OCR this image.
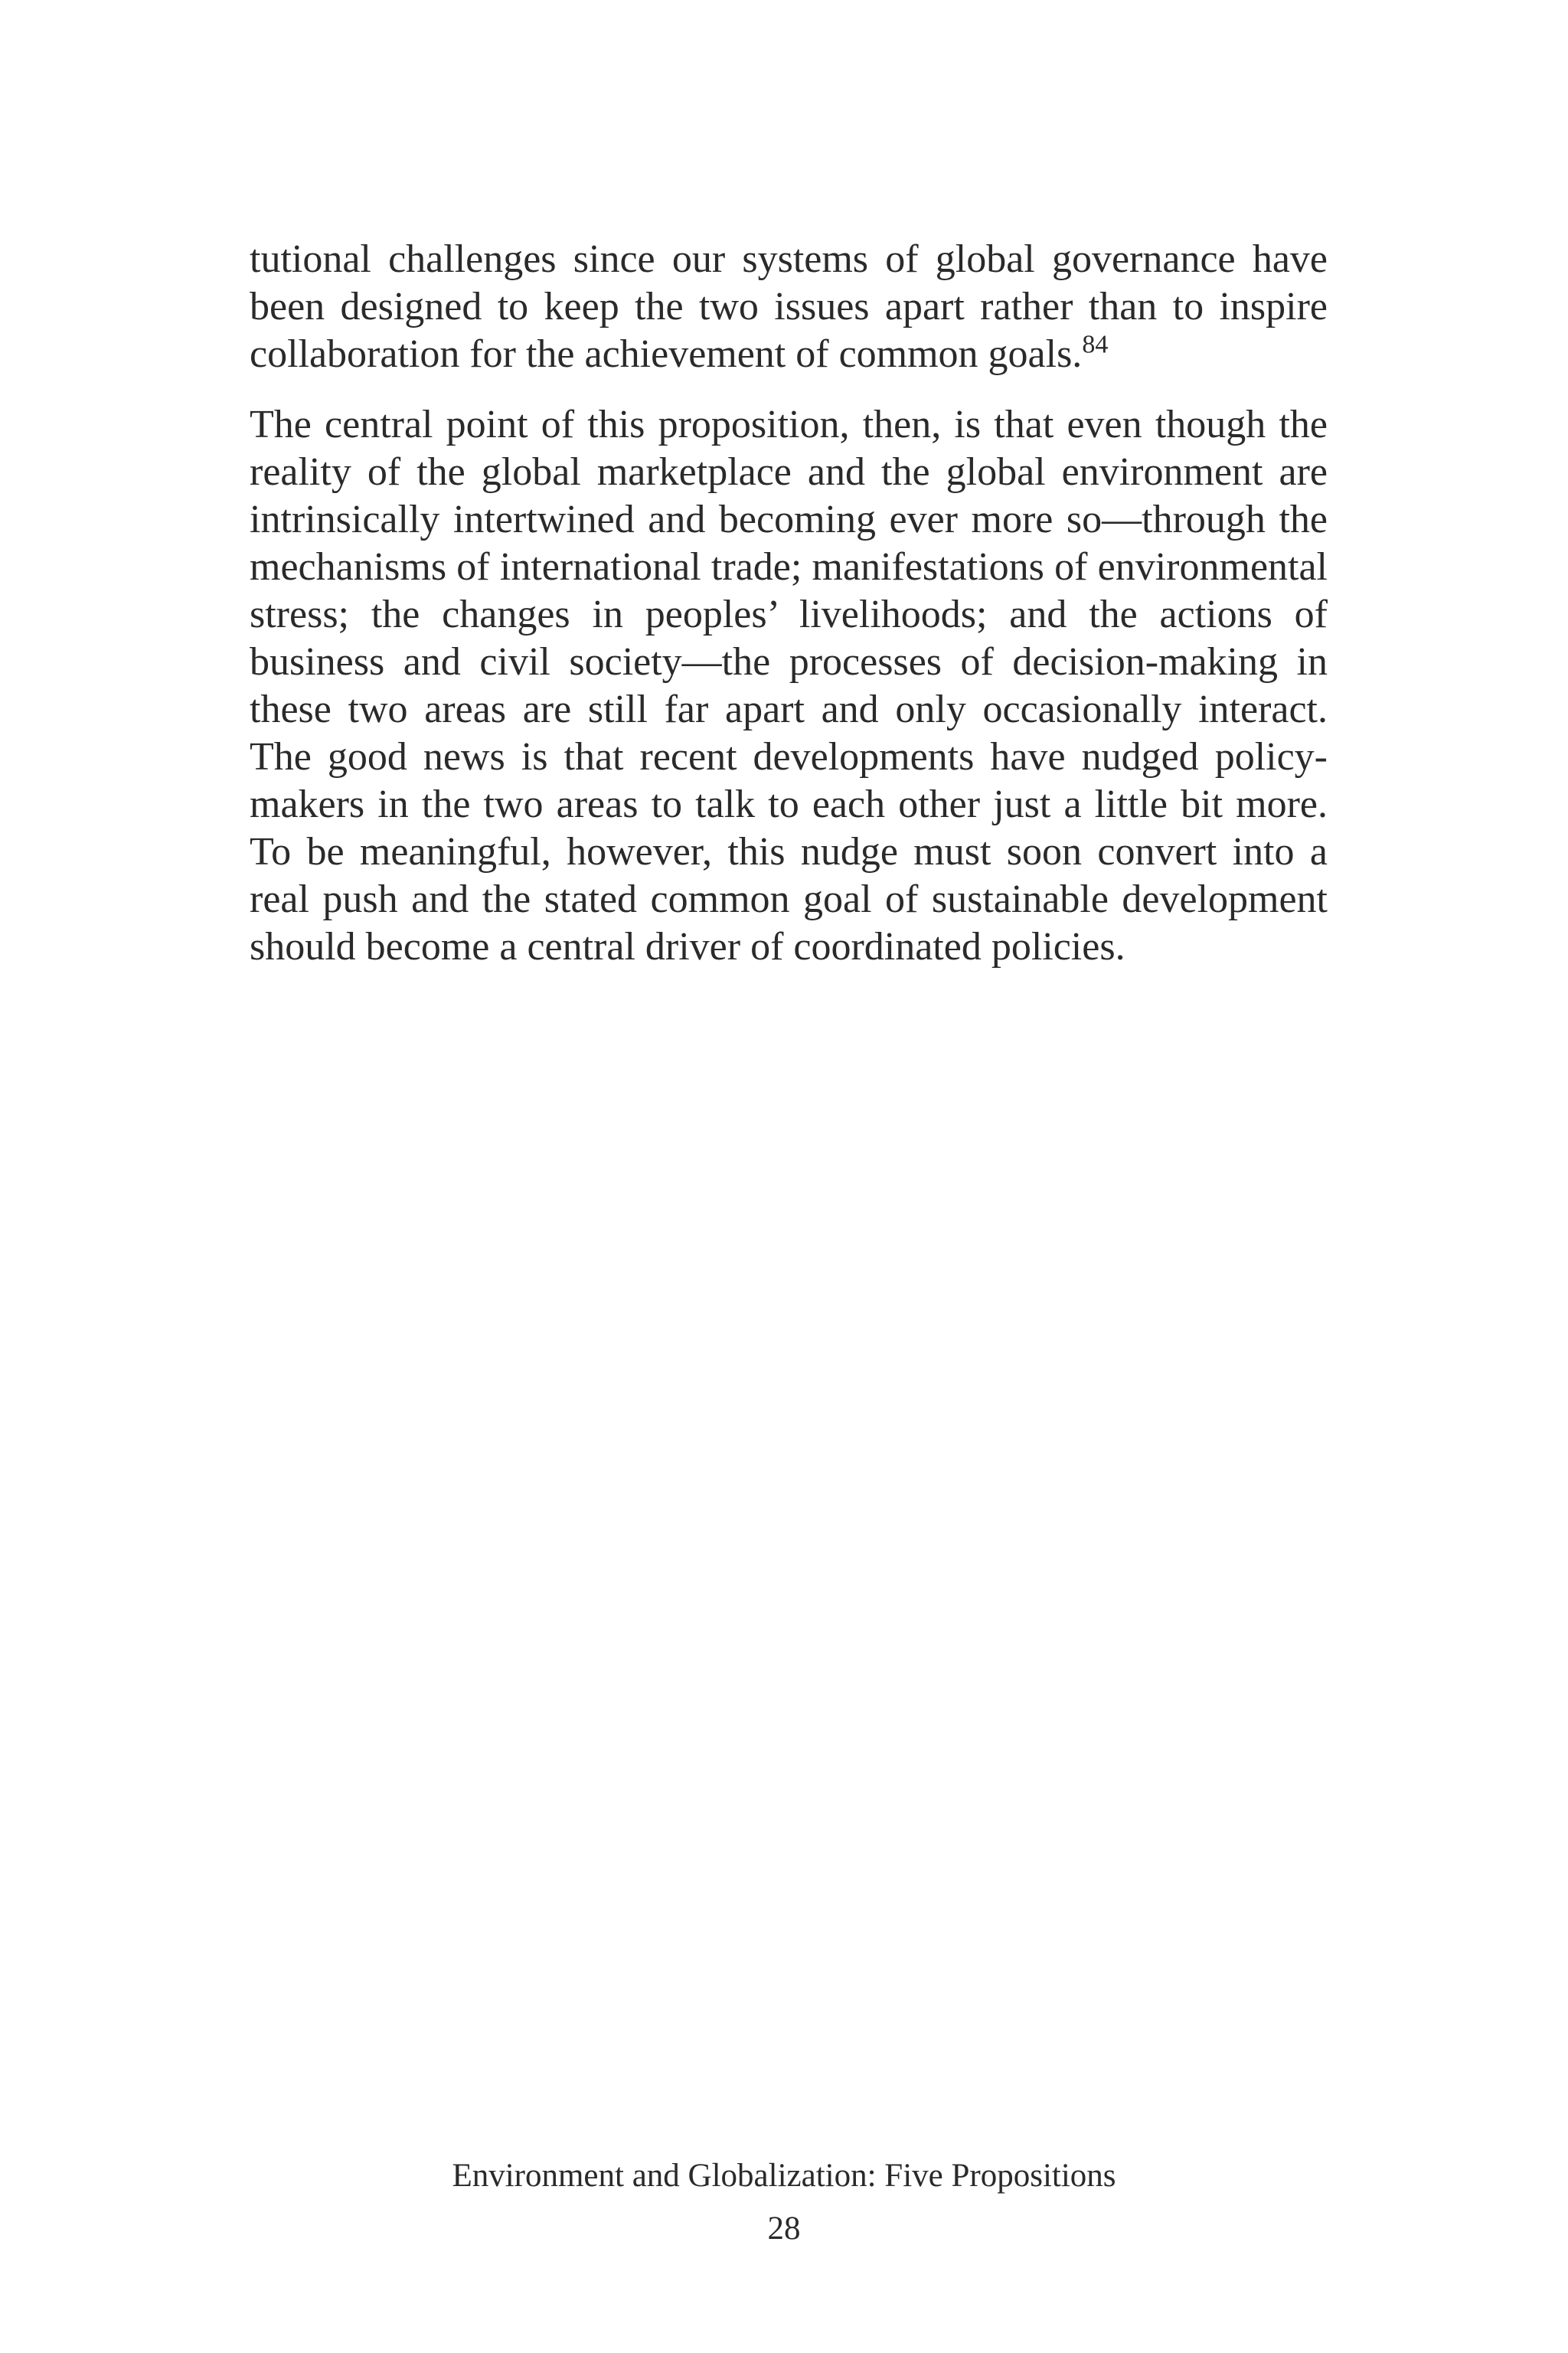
tutional challenges since our systems of global governance have been designed to keep the two issues apart rather than to inspire collaboration for the achievement of common goals.$^{84}$

The central point of this proposition, then, is that even though the reality of the global marketplace and the global environment are intrinsically intertwined and becoming ever more so—through the mechanisms of international trade; manifestations of environmental stress; the changes in peoples’ livelihoods; and the actions of business and civil society—the processes of decision-making in these two areas are still far apart and only occasionally interact. The good news is that recent developments have nudged policy-makers in the two areas to talk to each other just a little bit more. To be meaningful, however, this nudge must soon convert into a real push and the stated common goal of sustainable development should become a central driver of coordinated policies.

Environment and Globalization: Five Propositions
28
